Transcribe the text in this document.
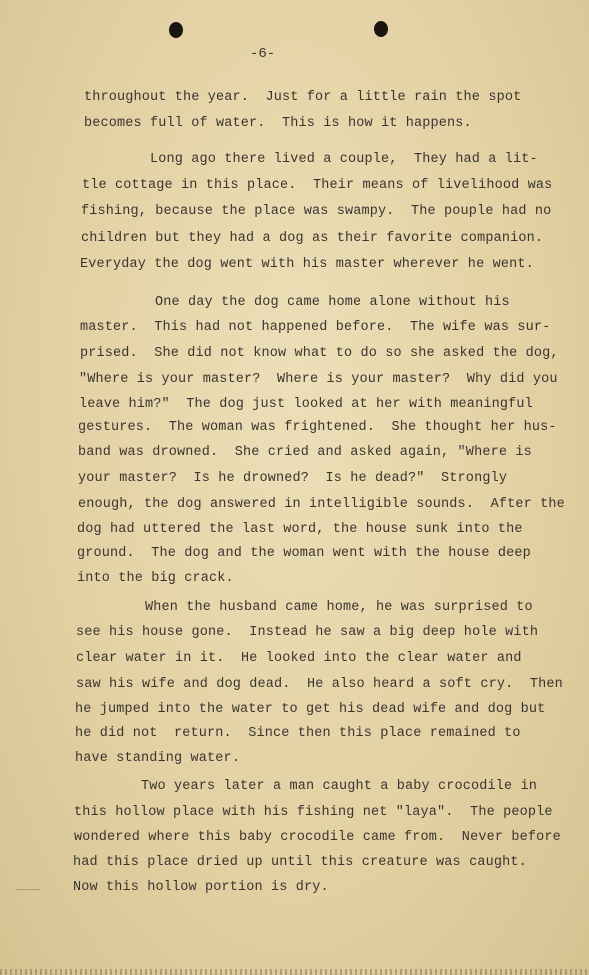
-6-
throughout the year.  Just for a little rain the spot
becomes full of water.  This is how it happens.
Long ago there lived a couple,  They had a lit-
tle cottage in this place.  Their means of livelihood was
fishing, because the place was swampy.  The pouple had no
children but they had a dog as their favorite companion.
Everyday the dog went with his master wherever he went.
One day the dog came home alone without his
master.  This had not happened before.  The wife was sur-
prised.  She did not know what to do so she asked the dog,
"Where is your master?  Where is your master?  Why did you
leave him?"  The dog just looked at her with meaningful
gestures.  The woman was frightened.  She thought her hus-
band was drowned.  She cried and asked again, "Where is
your master?  Is he drowned?  Is he dead?"  Strongly
enough, the dog answered in intelligible sounds.  After the
dog had uttered the last word, the house sunk into the
ground.  The dog and the woman went with the house deep
into the big crack.
When the husband came home, he was surprised to
see his house gone.  Instead he saw a big deep hole with
clear water in it.  He looked into the clear water and
saw his wife and dog dead.  He also heard a soft cry.  Then
he jumped into the water to get his dead wife and dog but
he did not  return.  Since then this place remained to
have standing water.
Two years later a man caught a baby crocodile in
this hollow place with his fishing net "laya".  The people
wondered where this baby crocodile came from.  Never before
had this place dried up until this creature was caught.
Now this hollow portion is dry.
